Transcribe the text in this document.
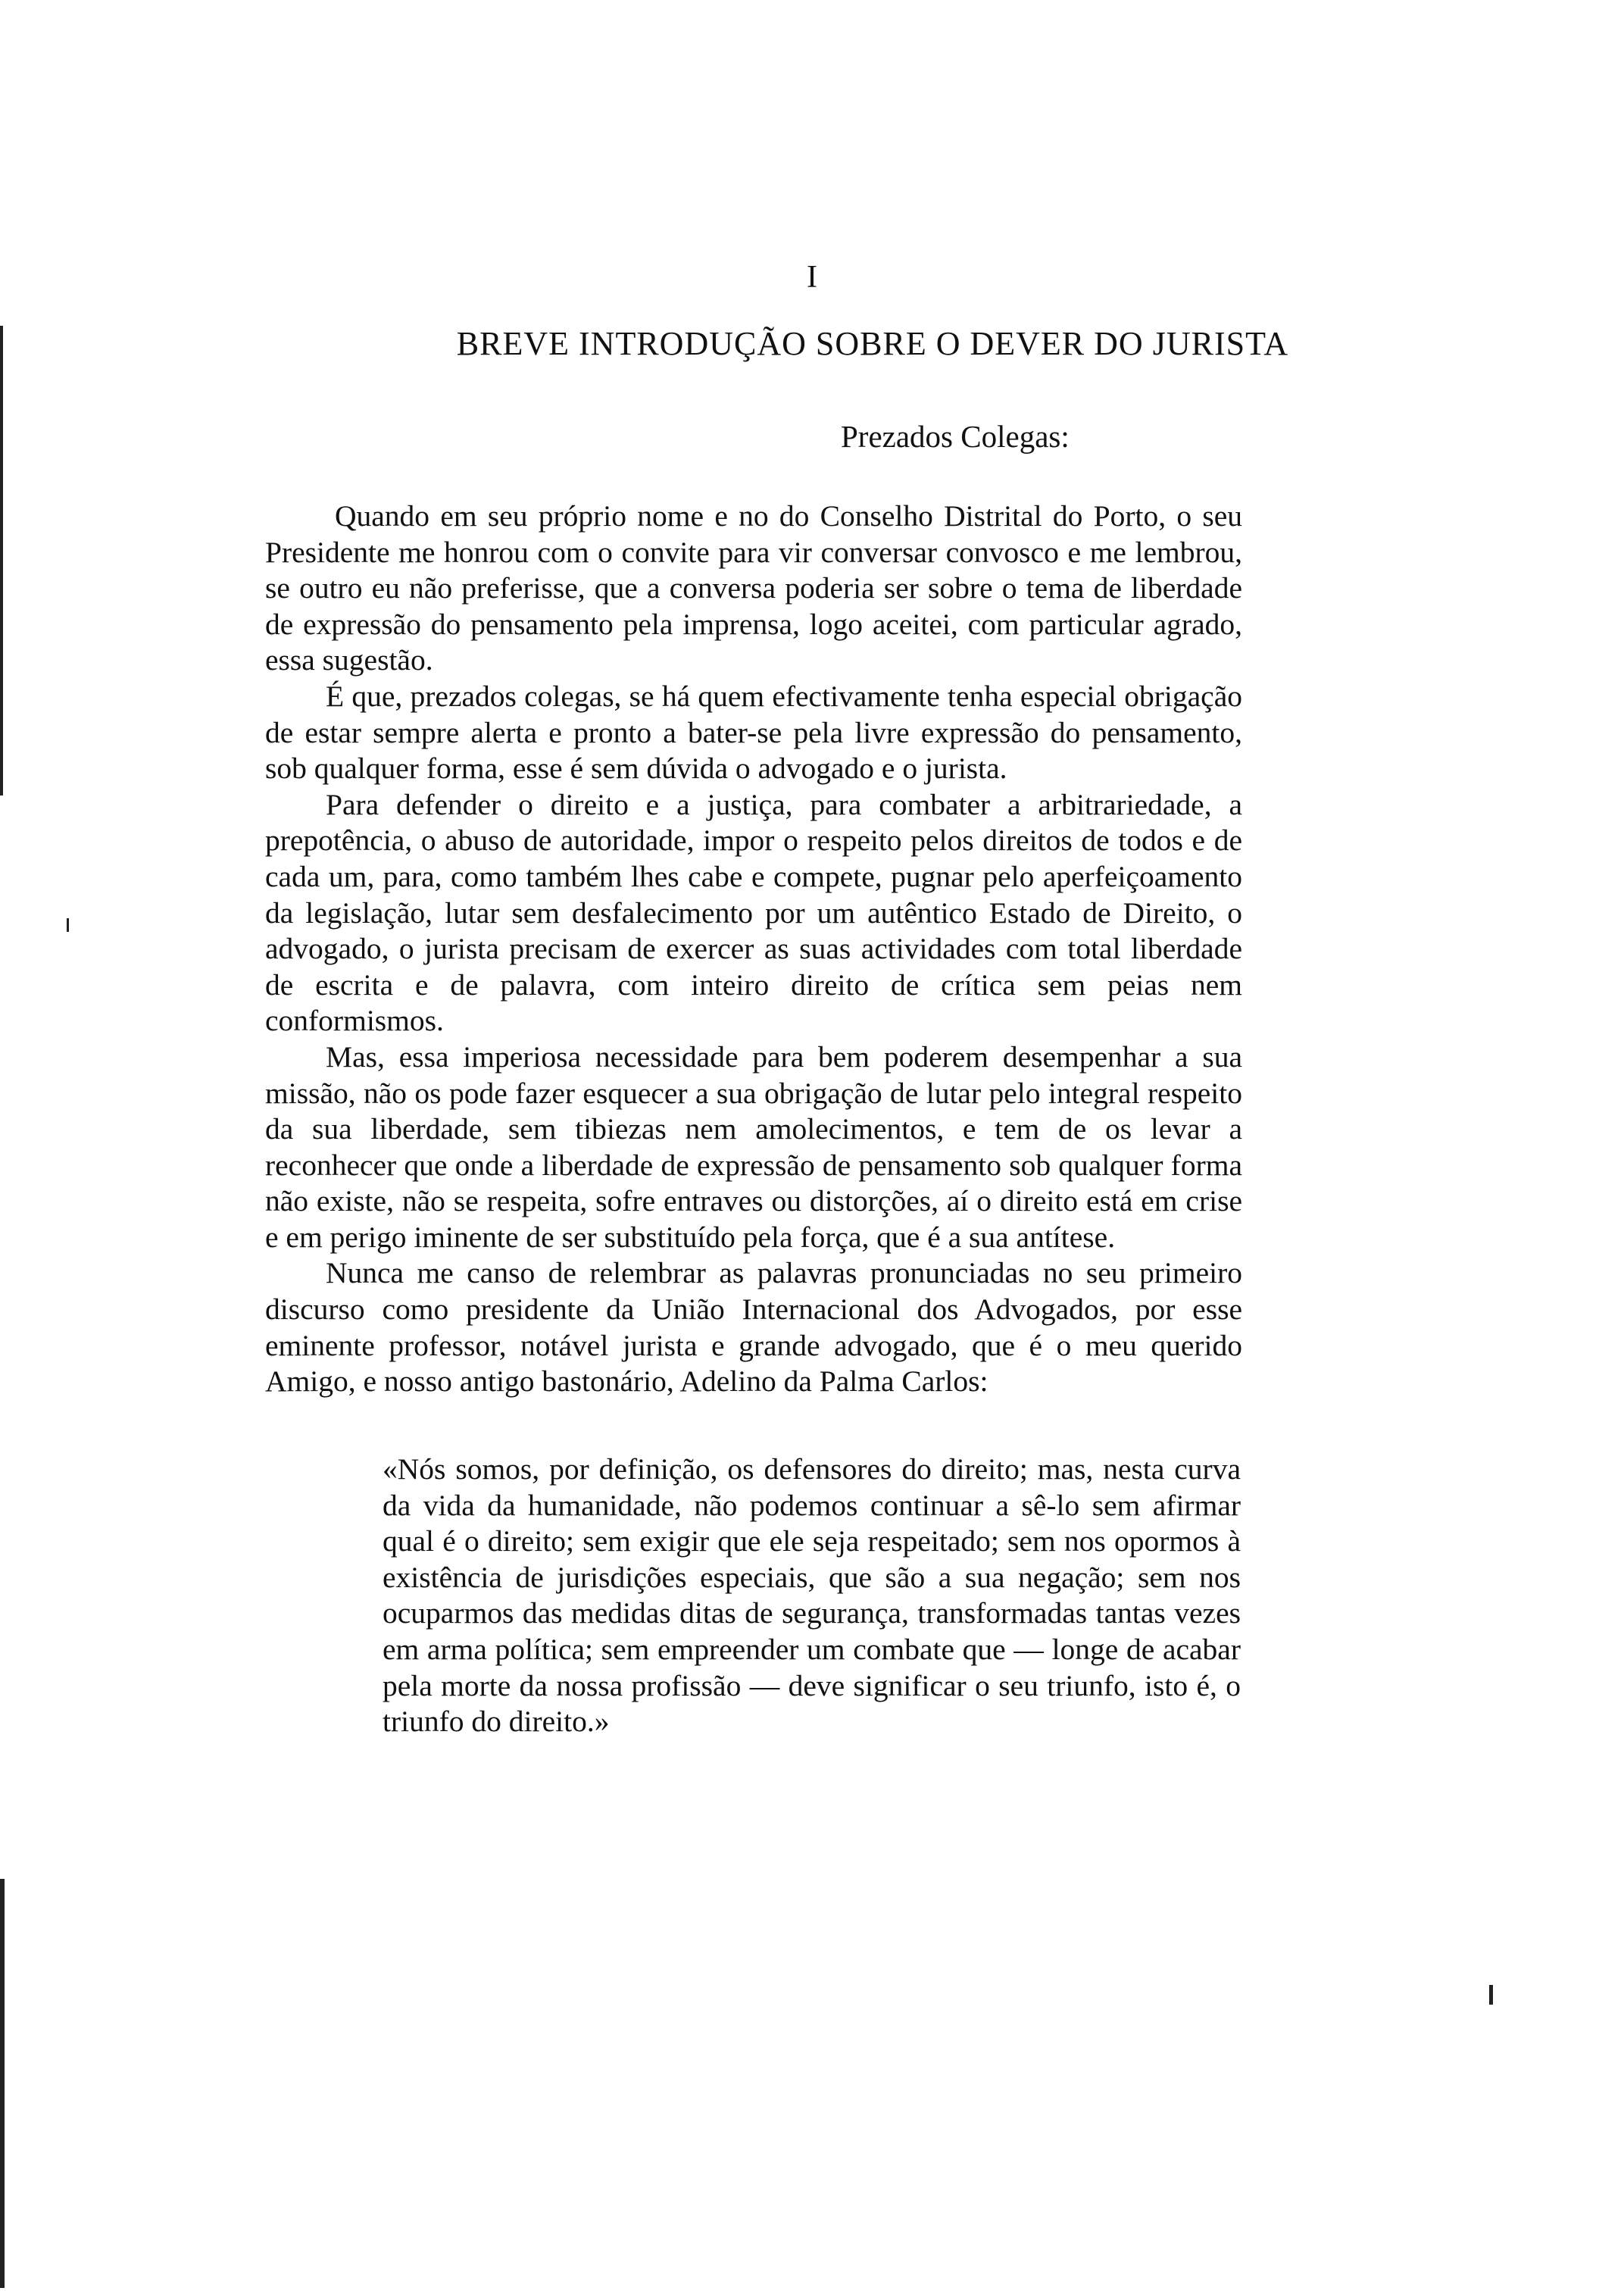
I
BREVE INTRODUÇÃO SOBRE O DEVER DO JURISTA
Prezados Colegas:

Quando em seu próprio nome e no do Conselho Distrital do Porto, o seu Presidente me honrou com o convite para vir conversar convosco e me lembrou, se outro eu não preferisse, que a conversa poderia ser sobre o tema de liberdade de expressão do pensamento pela imprensa, logo aceitei, com particular agrado, essa sugestão.

É que, prezados colegas, se há quem efectivamente tenha especial obrigação de estar sempre alerta e pronto a bater-se pela livre expressão do pensamento, sob qualquer forma, esse é sem dúvida o advogado e o jurista.

Para defender o direito e a justiça, para combater a arbitrariedade, a prepotência, o abuso de autoridade, impor o respeito pelos direitos de todos e de cada um, para, como também lhes cabe e compete, pugnar pelo aperfeiçoamento da legislação, lutar sem desfalecimento por um autêntico Estado de Direito, o advogado, o jurista precisam de exercer as suas actividades com total liberdade de escrita e de palavra, com inteiro direito de crítica sem peias nem conformismos.

Mas, essa imperiosa necessidade para bem poderem desempenhar a sua missão, não os pode fazer esquecer a sua obrigação de lutar pelo integral respeito da sua liberdade, sem tibiezas nem amolecimentos, e tem de os levar a reconhecer que onde a liberdade de expressão de pensamento sob qualquer forma não existe, não se respeita, sofre entraves ou distorções, aí o direito está em crise e em perigo iminente de ser substituído pela força, que é a sua antítese.

Nunca me canso de relembrar as palavras pronunciadas no seu primeiro discurso como presidente da União Internacional dos Advogados, por esse eminente professor, notável jurista e grande advogado, que é o meu querido Amigo, e nosso antigo bastonário, Adelino da Palma Carlos:

«Nós somos, por definição, os defensores do direito; mas, nesta curva da vida da humanidade, não podemos continuar a sê-lo sem afirmar qual é o direito; sem exigir que ele seja respeitado; sem nos opormos à existência de jurisdições especiais, que são a sua negação; sem nos ocuparmos das medidas ditas de segurança, transformadas tantas vezes em arma política; sem empreender um combate que — longe de acabar pela morte da nossa profissão — deve significar o seu triunfo, isto é, o triunfo do direito.»
